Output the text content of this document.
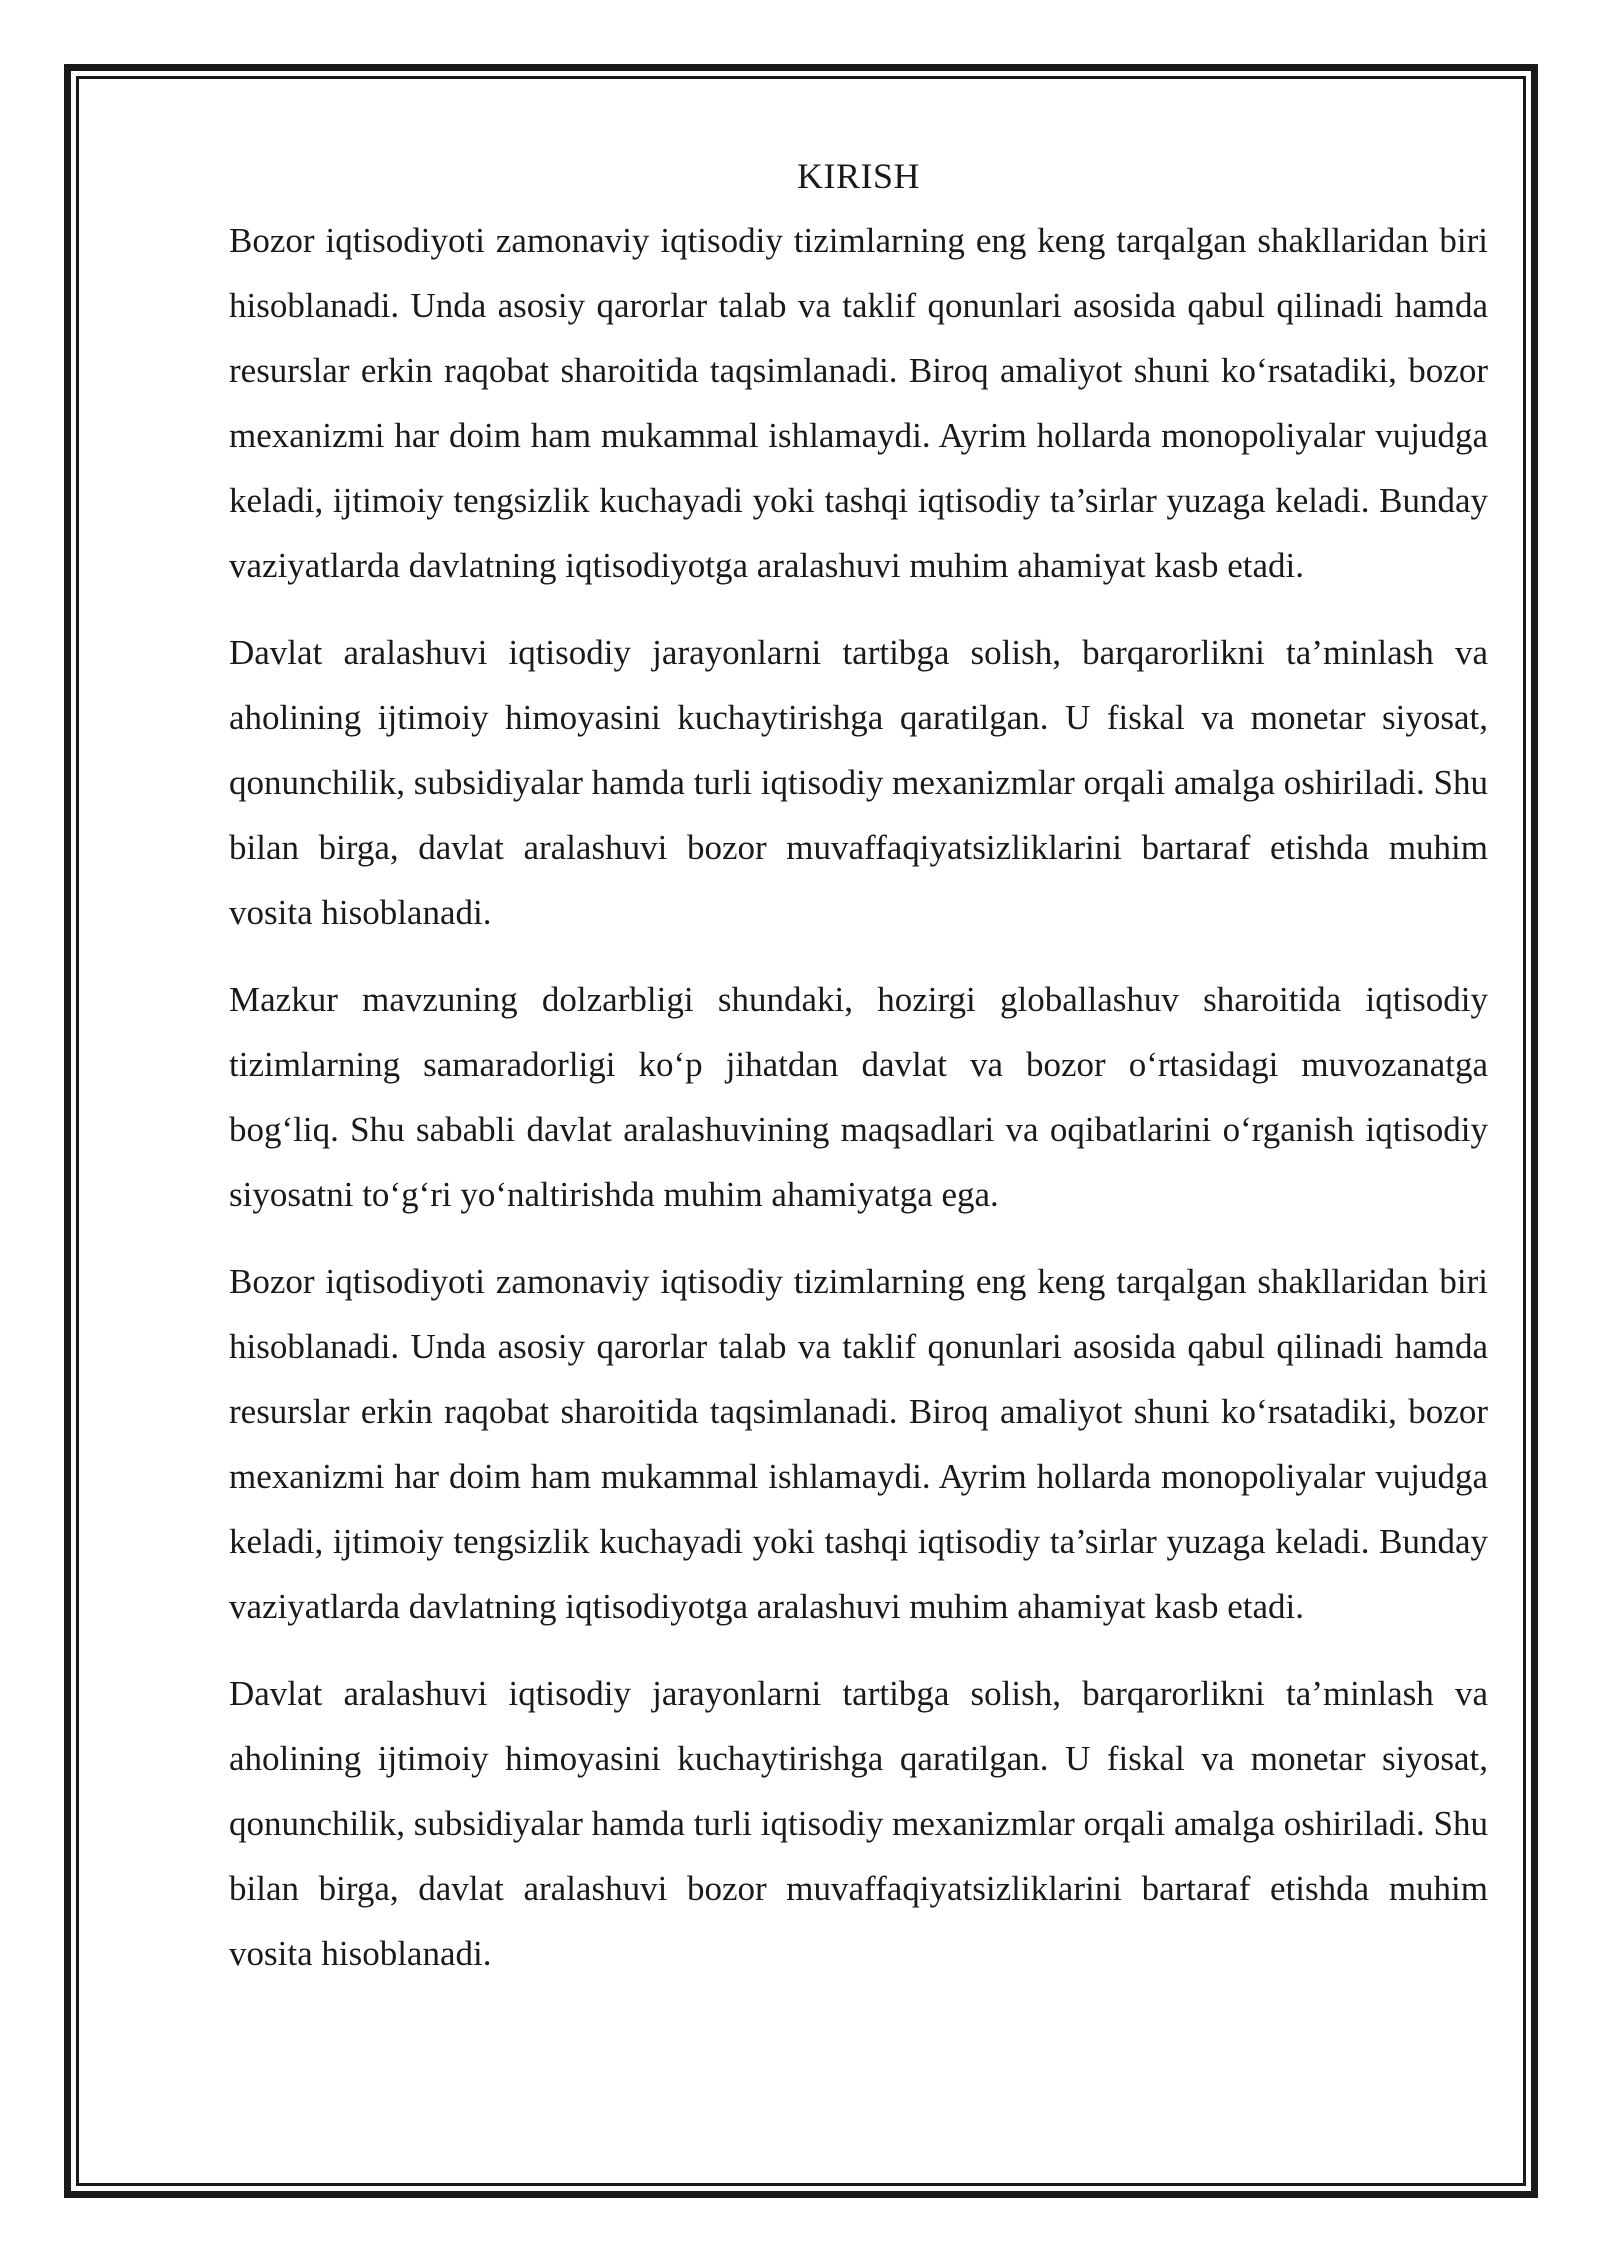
KIRISH

Bozor iqtisodiyoti zamonaviy iqtisodiy tizimlarning eng keng tarqalgan shakllaridan biri hisoblanadi. Unda asosiy qarorlar talab va taklif qonunlari asosida qabul qilinadi hamda resurslar erkin raqobat sharoitida taqsimlanadi. Biroq amaliyot shuni ko‘rsatadiki, bozor mexanizmi har doim ham mukammal ishlamaydi. Ayrim hollarda monopoliyalar vujudga keladi, ijtimoiy tengsizlik kuchayadi yoki tashqi iqtisodiy ta’sirlar yuzaga keladi. Bunday vaziyatlarda davlatning iqtisodiyotga aralashuvi muhim ahamiyat kasb etadi.

Davlat aralashuvi iqtisodiy jarayonlarni tartibga solish, barqarorlikni ta’minlash va aholining ijtimoiy himoyasini kuchaytirishga qaratilgan. U fiskal va monetar siyosat, qonunchilik, subsidiyalar hamda turli iqtisodiy mexanizmlar orqali amalga oshiriladi. Shu bilan birga, davlat aralashuvi bozor muvaffaqiyatsizliklarini bartaraf etishda muhim vosita hisoblanadi.

Mazkur mavzuning dolzarbligi shundaki, hozirgi globallashuv sharoitida iqtisodiy tizimlarning samaradorligi ko‘p jihatdan davlat va bozor o‘rtasidagi muvozanatga bog‘liq. Shu sababli davlat aralashuvining maqsadlari va oqibatlarini o‘rganish iqtisodiy siyosatni to‘g‘ri yo‘naltirishda muhim ahamiyatga ega.

Bozor iqtisodiyoti zamonaviy iqtisodiy tizimlarning eng keng tarqalgan shakllaridan biri hisoblanadi. Unda asosiy qarorlar talab va taklif qonunlari asosida qabul qilinadi hamda resurslar erkin raqobat sharoitida taqsimlanadi. Biroq amaliyot shuni ko‘rsatadiki, bozor mexanizmi har doim ham mukammal ishlamaydi. Ayrim hollarda monopoliyalar vujudga keladi, ijtimoiy tengsizlik kuchayadi yoki tashqi iqtisodiy ta’sirlar yuzaga keladi. Bunday vaziyatlarda davlatning iqtisodiyotga aralashuvi muhim ahamiyat kasb etadi.

Davlat aralashuvi iqtisodiy jarayonlarni tartibga solish, barqarorlikni ta’minlash va aholining ijtimoiy himoyasini kuchaytirishga qaratilgan. U fiskal va monetar siyosat, qonunchilik, subsidiyalar hamda turli iqtisodiy mexanizmlar orqali amalga oshiriladi. Shu bilan birga, davlat aralashuvi bozor muvaffaqiyatsizliklarini bartaraf etishda muhim vosita hisoblanadi.
